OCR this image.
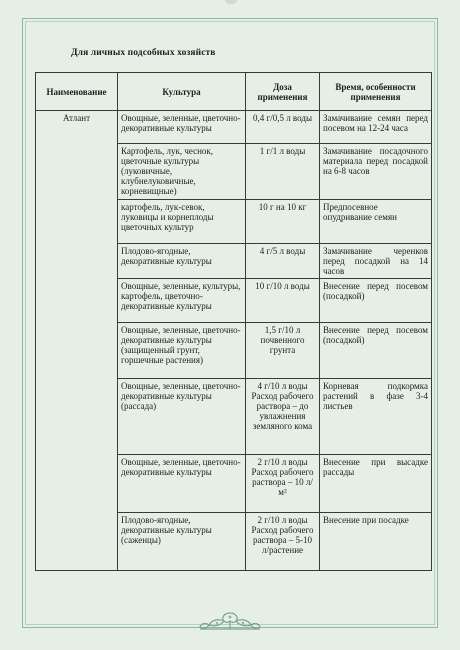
Для личных подсобных хозяйств
Наименование	Культура	Доза применения	Время, особенности применения
Атлант	Овощные, зеленные, цветочно-декоративные культуры	0,4 г/0,5 л воды	Замачивание семян перед посевом на 12-24 часа
	Картофель, лук, чеснок, цветочные культуры (луковичные, клубнелуковичные, корневищные)	1 г/1 л воды	Замачивание посадочного материала перед посадкой на 6-8 часов
	картофель, лук-севок, луковицы и корнеплоды цветочных культур	10 г на 10 кг	Предпосевное опудривание семян
	Плодово-ягодные, декоративные культуры	4 г/5 л воды	Замачивание черенков перед посадкой на 14 часов
	Овощные, зеленные, культуры, картофель, цветочно-декоративные культуры	10 г/10 л воды	Внесение перед посевом (посадкой)
	Овощные, зеленные, цветочно-декоративные культуры (защищенный грунт, горшечные растения)	1,5 г/10 л почвенного грунта	Внесение перед посевом (посадкой)
	Овощные, зеленные, цветочно-декоративные культуры (рассада)	4 г/10 л воды Расход рабочего раствора – до увлажнения земляного кома	Корневая подкормка растений в фазе 3-4 листьев
	Овощные, зеленные, цветочно-декоративные культуры	2 г/10 л воды Расход рабочего раствора – 10 л/м²	Внесение при высадке рассады
	Плодово-ягодные, декоративные культуры (саженцы)	2 г/10 л воды Расход рабочего раствора – 5-10 л/растение	Внесение при посадке
